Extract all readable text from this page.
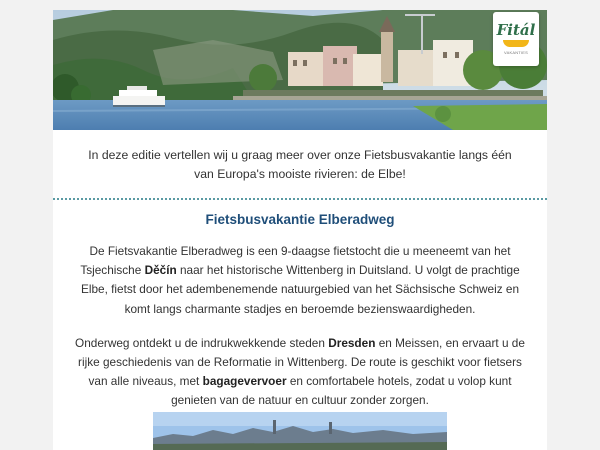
Fitál
VAKANTIES
In deze editie vertellen wij u graag meer over onze Fietsbusvakantie langs één van Europa's mooiste rivieren: de Elbe!
Fietsbusvakantie Elberadweg

De Fietsvakantie Elberadweg is een 9-daagse fietstocht die u meeneemt van het Tsjechische Děčín naar het historische Wittenberg in Duitsland. U volgt de prachtige Elbe, fietst door het adembenemende natuurgebied van het Sächsische Schweiz en komt langs charmante stadjes en beroemde bezienswaardigheden.

Onderweg ontdekt u de indrukwekkende steden Dresden en Meissen, en ervaart u de rijke geschiedenis van de Reformatie in Wittenberg. De route is geschikt voor fietsers van alle niveaus, met bagagevervoer en comfortabele hotels, zodat u volop kunt genieten van de natuur en cultuur zonder zorgen.
